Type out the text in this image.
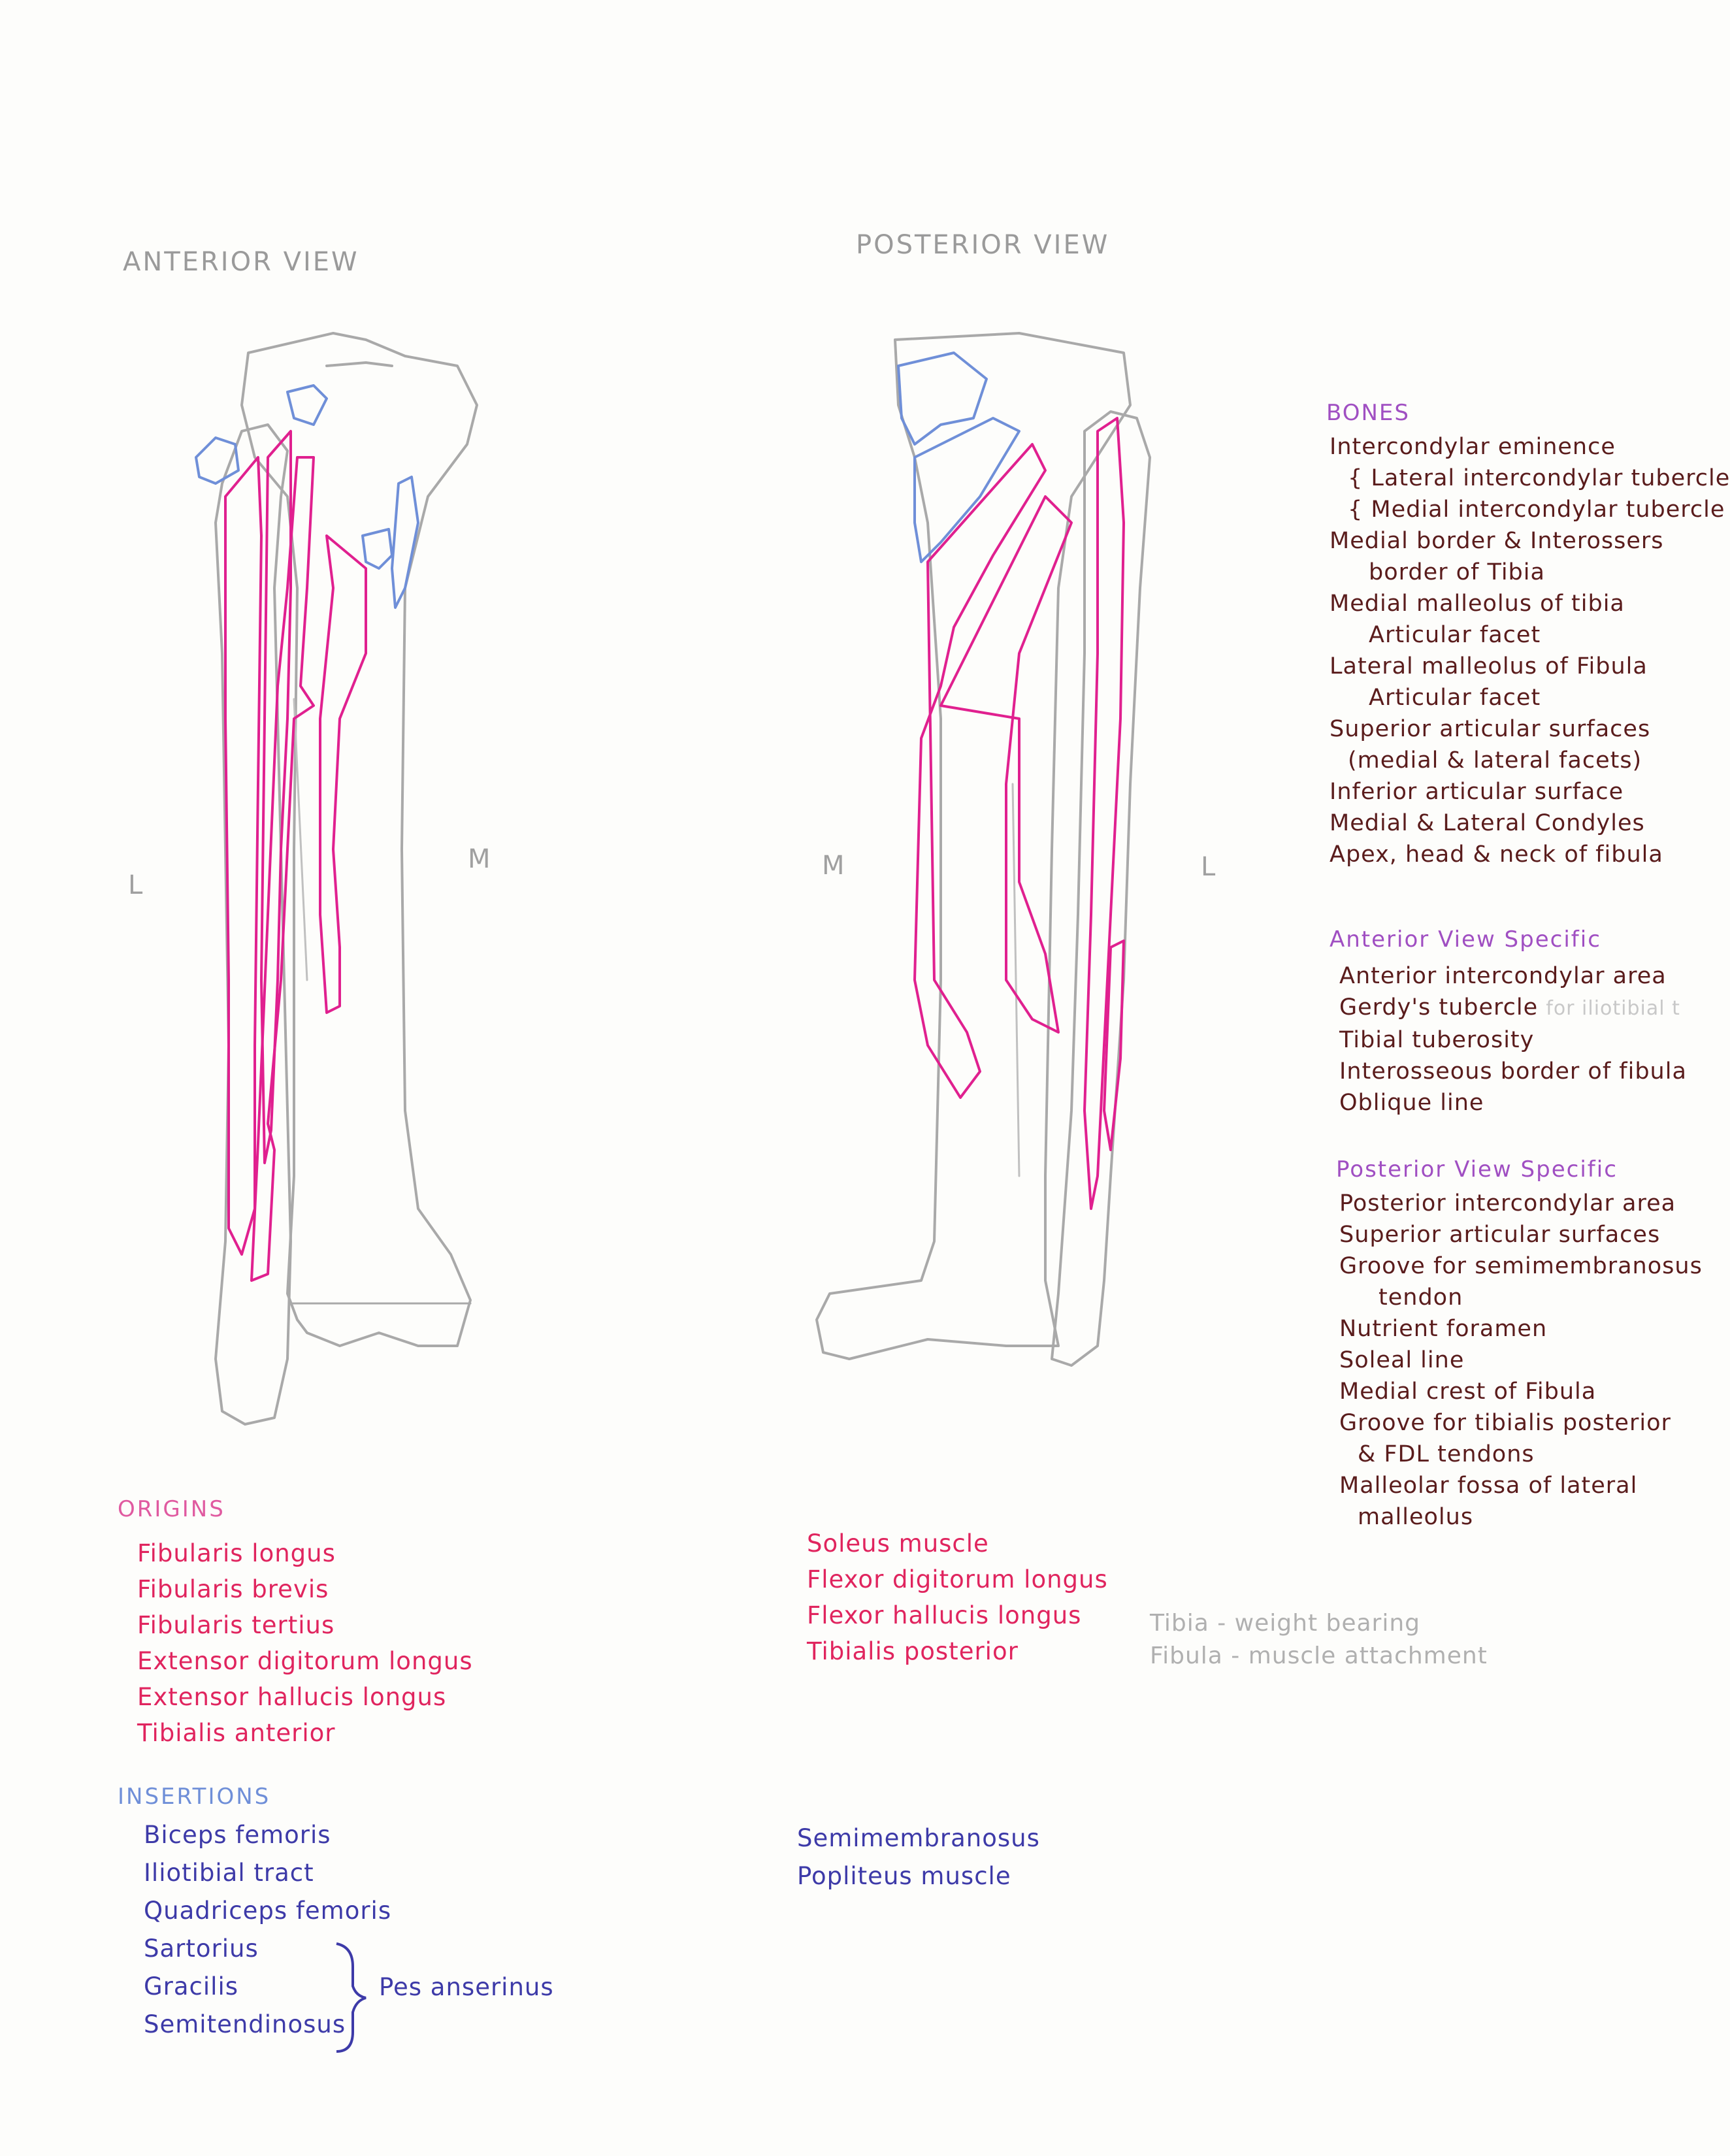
ANTERIOR VIEW
L
M
POSTERIOR VIEW
M	L
ORIGINS
Fibularis longus
Fibularis brevis
Fibularis tertius
Extensor digitorum longus
Extensor hallucis longus
Tibialis anterior
Soleus muscle
Flexor digitorum longus
Flexor hallucis longus
Tibialis posterior
INSERTIONS
Biceps femoris
Iliotibial tract
Quadriceps femoris
Sartorius
Gracilis
Semitendinosus
Pes anserinus
Semimembranosus
Popliteus muscle
BONES
Intercondylar eminence
{ Lateral intercondylar tubercle
{ Medial intercondylar tubercle
Medial border & Interossers
border of Tibia
Medial malleolus of tibia
Articular facet
Lateral malleolus of Fibula
Articular facet
Superior articular surfaces
(medial & lateral facets)
Inferior articular surface
Medial & Lateral Condyles
Apex, head & neck of fibula
Anterior View Specific
Anterior intercondylar area
Gerdy's tubercle for iliotibial t
Tibial tuberosity
Interosseous border of fibula
Oblique line
Posterior View Specific
Posterior intercondylar area
Superior articular surfaces
Groove for semimembranosus
tendon
Nutrient foramen
Soleal line
Medial crest of Fibula
Groove for tibialis posterior
& FDL tendons
Malleolar fossa of lateral
malleolus
Tibia - weight bearing
Fibula - muscle attachment
